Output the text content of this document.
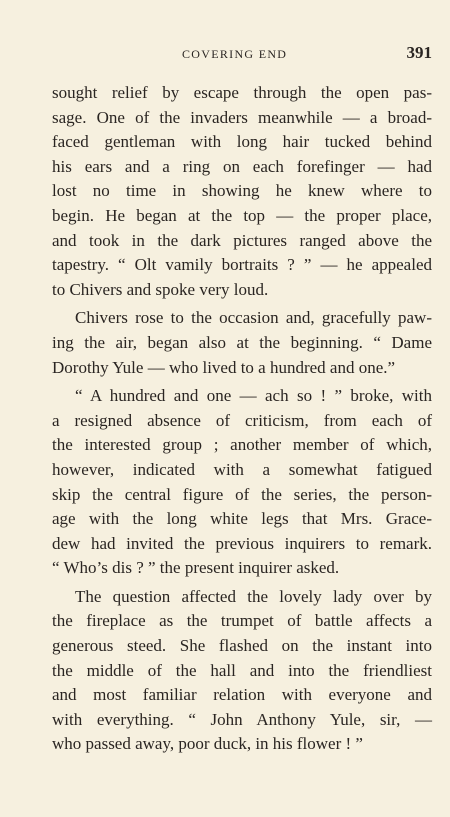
COVERING END	391

sought relief by escape through the open pas-
sage. One of the invaders meanwhile — a broad-
faced gentleman with long hair tucked behind
his ears and a ring on each forefinger — had
lost no time in showing he knew where to
begin. He began at the top — the proper place,
and took in the dark pictures ranged above the
tapestry. “ Olt vamily bortraits ? ” — he appealed
to Chivers and spoke very loud.

Chivers rose to the occasion and, gracefully paw-
ing the air, began also at the beginning. “ Dame
Dorothy Yule — who lived to a hundred and one.”

“ A hundred and one — ach so ! ” broke, with
a resigned absence of criticism, from each of
the interested group ; another member of which,
however, indicated with a somewhat fatigued
skip the central figure of the series, the person-
age with the long white legs that Mrs. Grace-
dew had invited the previous inquirers to remark.
“ Who’s dis ? ” the present inquirer asked.

The question affected the lovely lady over by
the fireplace as the trumpet of battle affects a
generous steed. She flashed on the instant into
the middle of the hall and into the friendliest
and most familiar relation with everyone and
with everything. “ John Anthony Yule, sir, —
who passed away, poor duck, in his flower ! ”
